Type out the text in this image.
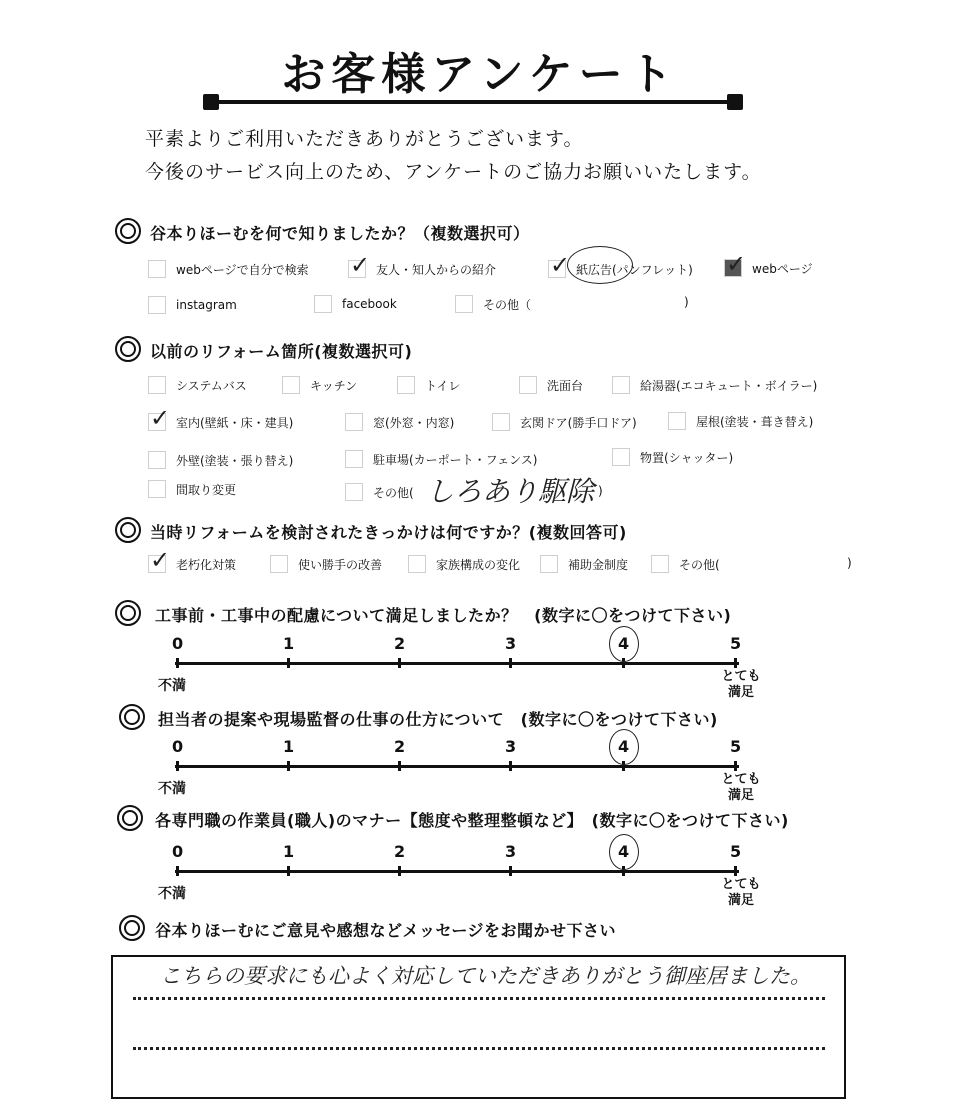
お客様アンケート
平素よりご利用いただきありがとうございます。
今後のサービス向上のため、アンケートのご協力お願いいたします。
谷本りほーむを何で知りましたか？（複数選択可）
webページで自分で検索 ✓	友人・知人からの紹介 ✓	紙広告(パンフレット) ✓	webページ
instagram	facebook	その他（	)
以前のリフォーム箇所(複数選択可)
システムバス	キッチン	トイレ	洗面台	給湯器(エコキュート・ボイラー)
✓
室内(壁紙・床・建具)	窓(外窓・内窓)	玄関ドア(勝手口ドア)	屋根(塗装・葺き替え)
外壁(塗装・張り替え)	駐車場(カーポート・フェンス)	物置(シャッター)
間取り変更	その他( しろあり駆除 )
当時リフォームを検討されたきっかけは何ですか？(複数回答可)
✓
老朽化対策	使い勝手の改善	家族構成の変化	補助金制度	その他(	)
工事前・工事中の配慮について満足しましたか？　(数字に〇をつけて下さい)
担当者の提案や現場監督の仕事の仕方について　(数字に〇をつけて下さい)
各専門職の作業員(職人)のマナー【態度や整理整頓など】　(数字に〇をつけて下さい)
谷本りほーむにご意見や感想などメッセージをお聞かせ下さい
こちらの要求にも心よく対応していただきありがとう御座居ました。
0	1	2	3	4	5
不満
とても
満足
0	1	2	3	4	5
不満
とても
満足
0	1	2	3	4	5
不満
とても
満足
